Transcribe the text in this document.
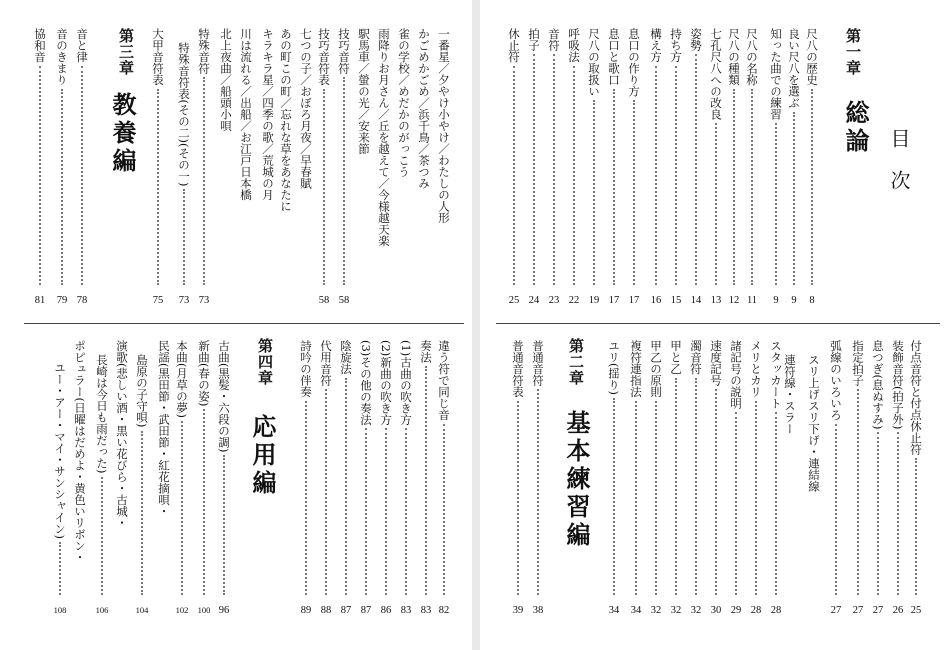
目次
第一章
総論
第三章
教養編
第二章
基本練習編
第四章
応用編
8
尺八の歴史
9
良い尺八を選ぶ
9
知った曲での練習
11
尺八の名称
12
尺八の種類
13
七孔尺八への改良
14
姿勢
15
持ち方
16
構え方
17
息口の作り方
17
息口と歌口
19
尺八の取扱い
22
呼吸法
23
音符
24
拍子
25
休止符
81
協和音
79
音のきまり
78
音と律
75
大甲音符表
73
特殊音符表(その二)(その一)
73
特殊音符 北上夜曲／船頭小唄 川は流れる／出船／お江戸日本橋 キラキラ星／四季の歌／荒城の月 あの町この町／忘れな草をあなたに 七つの子／おぼろ月夜／早春賦
58
技巧音符表
58
技巧音符 駅馬車／螢の光／安来節 雨降りお月さん／丘を越えて／今様越天楽 雀の学校／めだかのがっこう かごめかごめ／浜千鳥／茶つみ 一番星／夕やけ小やけ／わたしの人形
25
付点音符と付点休止符
26
装飾音符(拍子外)
27
息つぎ(息ぬすみ)
27
指定拍子
27
弧線のいろいろ
スリ上げスリ下げ・連結線
連符線・スラー
28
スタッカート
28
メリとカリ
29
諸記号の説明
30
速度記号
32
濁音符
32
甲と乙
32
甲乙の原則
34
複符連指法
34
ユリ(揺り)
38
普通音符
39
普通音符表
82
違う符で同じ音
83
奏法
83
(1)古曲の吹き方
86
(2)新曲の吹き方
87
(3)その他の奏法
87
陰旋法
88
代用音符
89
詩吟の伴奏
96
古曲(黒髪・六段の調)
100
新曲(春の姿)
102
本曲(月草の夢)
民謡(黒田節・武田節・紅花摘唄・
104
島原の子守唄)
演歌(悲しい酒・黒い花びら・古城・
106
長崎は今日も雨だった)
ポピュラー(日曜はだめよ・黄色いリボン・
108
ユー・アー・マイ・サンシャイン)
